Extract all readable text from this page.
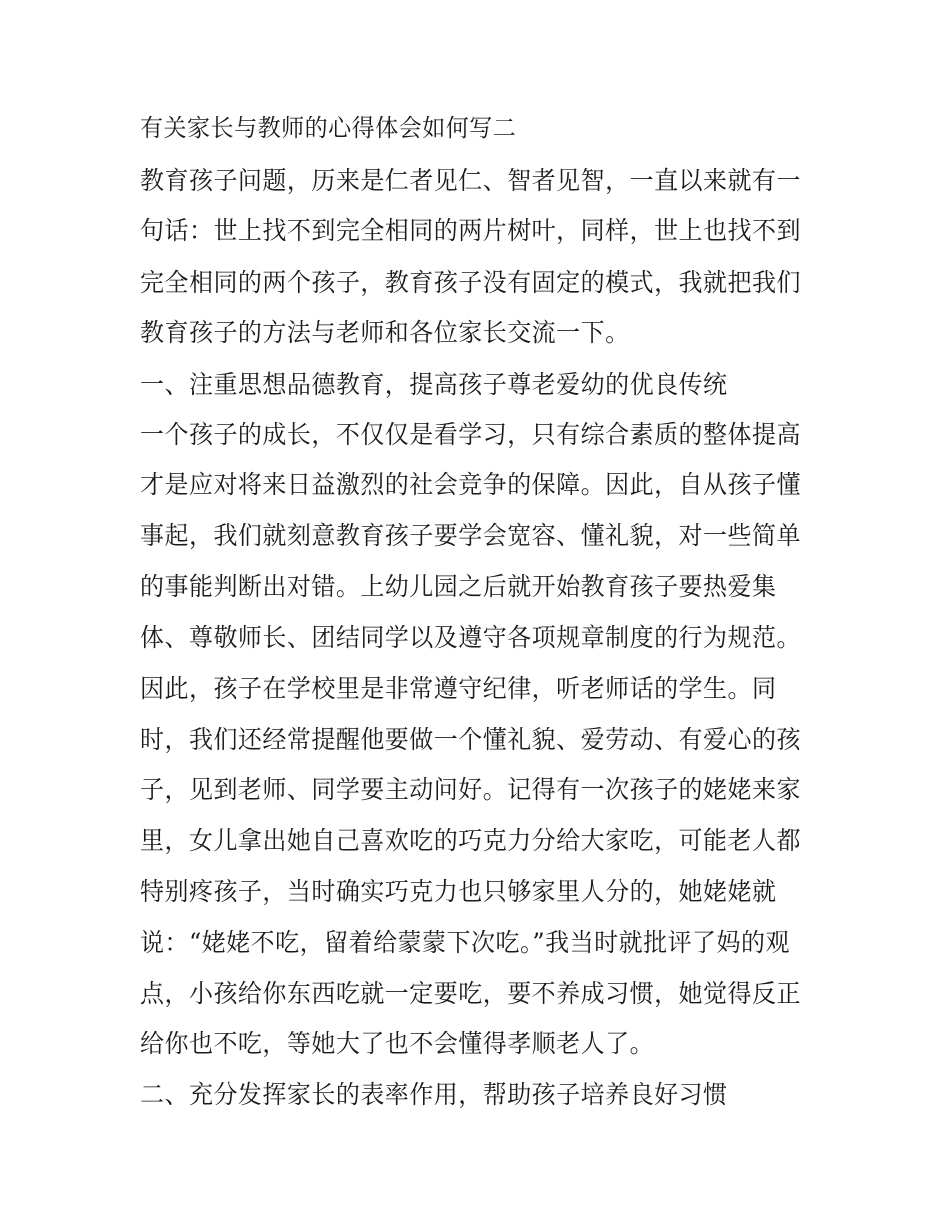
有关家长与教师的心得体会如何写二
教育孩子问题，历来是仁者见仁、智者见智，一直以来就有一
句话：世上找不到完全相同的两片树叶，同样，世上也找不到
完全相同的两个孩子，教育孩子没有固定的模式，我就把我们
教育孩子的方法与老师和各位家长交流一下。
一、注重思想品德教育，提高孩子尊老爱幼的优良传统
一个孩子的成长，不仅仅是看学习，只有综合素质的整体提高
才是应对将来日益激烈的社会竞争的保障。因此，自从孩子懂
事起，我们就刻意教育孩子要学会宽容、懂礼貌，对一些简单
的事能判断出对错。上幼儿园之后就开始教育孩子要热爱集
体、尊敬师长、团结同学以及遵守各项规章制度的行为规范。
因此，孩子在学校里是非常遵守纪律，听老师话的学生。同
时，我们还经常提醒他要做一个懂礼貌、爱劳动、有爱心的孩
子，见到老师、同学要主动问好。记得有一次孩子的姥姥来家
里，女儿拿出她自己喜欢吃的巧克力分给大家吃，可能老人都
特别疼孩子，当时确实巧克力也只够家里人分的，她姥姥就
说：“姥姥不吃，留着给蒙蒙下次吃。”我当时就批评了妈的观
点，小孩给你东西吃就一定要吃，要不养成习惯，她觉得反正
给你也不吃，等她大了也不会懂得孝顺老人了。
二、充分发挥家长的表率作用，帮助孩子培养良好习惯
